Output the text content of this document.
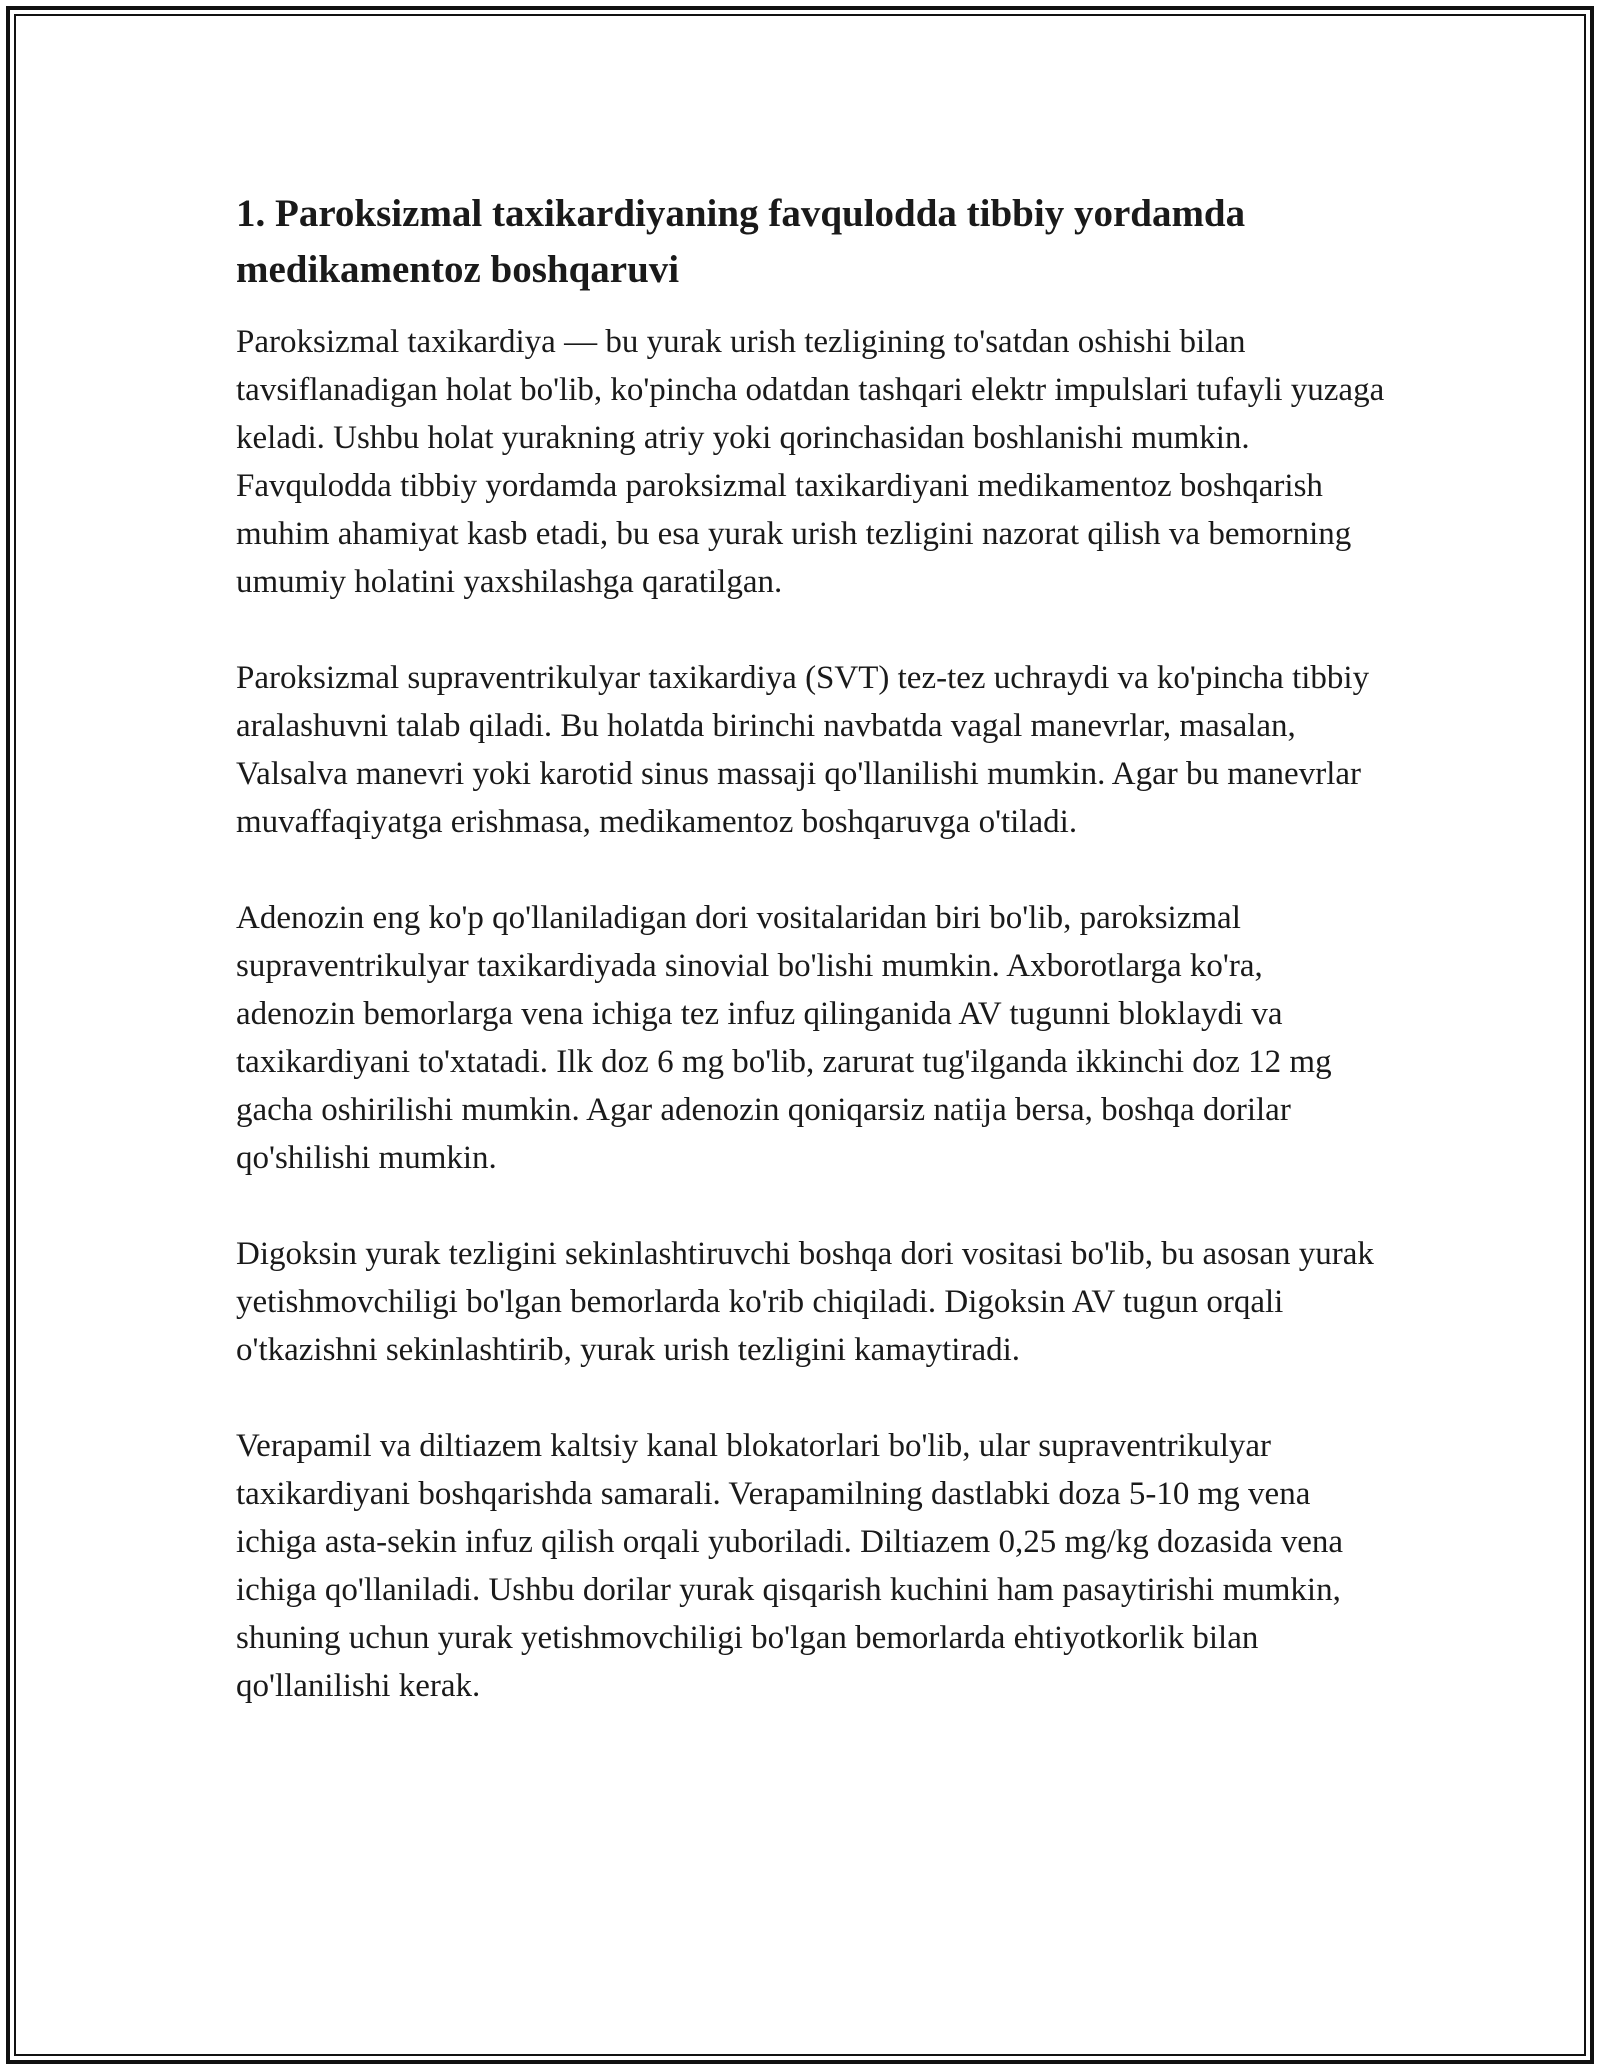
1. Paroksizmal taxikardiyaning favqulodda tibbiy yordamda medikamentoz boshqaruvi

Paroksizmal taxikardiya — bu yurak urish tezligining to'satdan oshishi bilan tavsiflanadigan holat bo'lib, ko'pincha odatdan tashqari elektr impulslari tufayli yuzaga keladi. Ushbu holat yurakning atriy yoki qorinchasidan boshlanishi mumkin. Favqulodda tibbiy yordamda paroksizmal taxikardiyani medikamentoz boshqarish muhim ahamiyat kasb etadi, bu esa yurak urish tezligini nazorat qilish va bemorning umumiy holatini yaxshilashga qaratilgan.

Paroksizmal supraventrikulyar taxikardiya (SVT) tez-tez uchraydi va ko'pincha tibbiy aralashuvni talab qiladi. Bu holatda birinchi navbatda vagal manevrlar, masalan, Valsalva manevri yoki karotid sinus massaji qo'llanilishi mumkin. Agar bu manevrlar muvaffaqiyatga erishmasa, medikamentoz boshqaruvga o'tiladi.

Adenozin eng ko'p qo'llaniladigan dori vositalaridan biri bo'lib, paroksizmal supraventrikulyar taxikardiyada sinovial bo'lishi mumkin. Axborotlarga ko'ra, adenozin bemorlarga vena ichiga tez infuz qilinganida AV tugunni bloklaydi va taxikardiyani to'xtatadi. Ilk doz 6 mg bo'lib, zarurat tug'ilganda ikkinchi doz 12 mg gacha oshirilishi mumkin. Agar adenozin qoniqarsiz natija bersa, boshqa dorilar qo'shilishi mumkin.

Digoksin yurak tezligini sekinlashtiruvchi boshqa dori vositasi bo'lib, bu asosan yurak yetishmovchiligi bo'lgan bemorlarda ko'rib chiqiladi. Digoksin AV tugun orqali o'tkazishni sekinlashtirib, yurak urish tezligini kamaytiradi.

Verapamil va diltiazem kaltsiy kanal blokatorlari bo'lib, ular supraventrikulyar taxikardiyani boshqarishda samarali. Verapamilning dastlabki doza 5-10 mg vena ichiga asta-sekin infuz qilish orqali yuboriladi. Diltiazem 0,25 mg/kg dozasida vena ichiga qo'llaniladi. Ushbu dorilar yurak qisqarish kuchini ham pasaytirishi mumkin, shuning uchun yurak yetishmovchiligi bo'lgan bemorlarda ehtiyotkorlik bilan qo'llanilishi kerak.
